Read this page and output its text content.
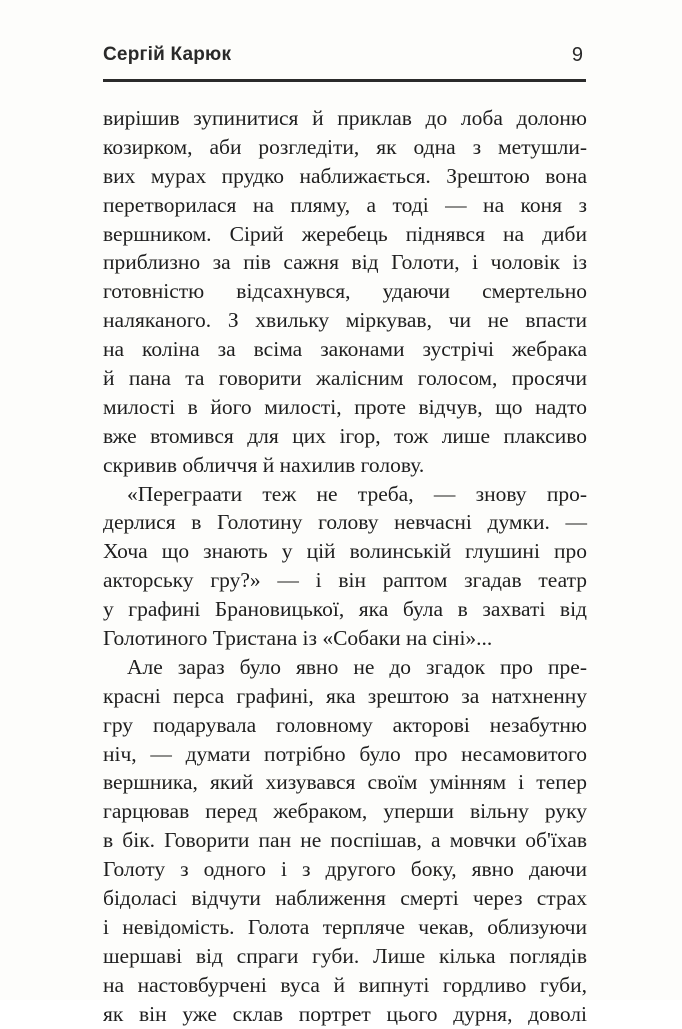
Сергій Карюк	9
вирішив зупинитися й приклав до лоба долоню
козирком, аби розгледіти, як одна з метушли-
вих мурах прудко наближається. Зрештою вона
перетворилася на пляму, а тоді — на коня з
вершником. Сірий жеребець піднявся на диби
приблизно за пів сажня від Голоти, і чоловік із
готовністю відсахнувся, удаючи смертельно
наляканого. З хвильку міркував, чи не впасти
на коліна за всіма законами зустрічі жебрака
й пана та говорити жалісним голосом, просячи
милості в його милості, проте відчув, що надто
вже втомився для цих ігор, тож лише плаксиво
скривив обличчя й нахилив голову.
«Переграати теж не треба, — знову про-
дерлися в Голотину голову невчасні думки. —
Хоча що знають у цій волинській глушині про
акторську гру?» — і він раптом згадав театр
у графині Брановицької, яка була в захваті від
Голотиного Тристана із «Собаки на сіні»...
Але зараз було явно не до згадок про пре-
красні перса графині, яка зрештою за натхненну
гру подарувала головному акторові незабутню
ніч, — думати потрібно було про несамовитого
вершника, який хизувався своїм умінням і тепер
гарцював перед жебраком, уперши вільну руку
в бік. Говорити пан не поспішав, а мовчки об'їхав
Голоту з одного і з другого боку, явно даючи
бідоласі відчути наближення смерті через страх
і невідомість. Голота терпляче чекав, облизуючи
шершаві від спраги губи. Лише кілька поглядів
на настовбурчені вуса й випнуті гордливо губи,
як він уже склав портрет цього дурня, доволі
